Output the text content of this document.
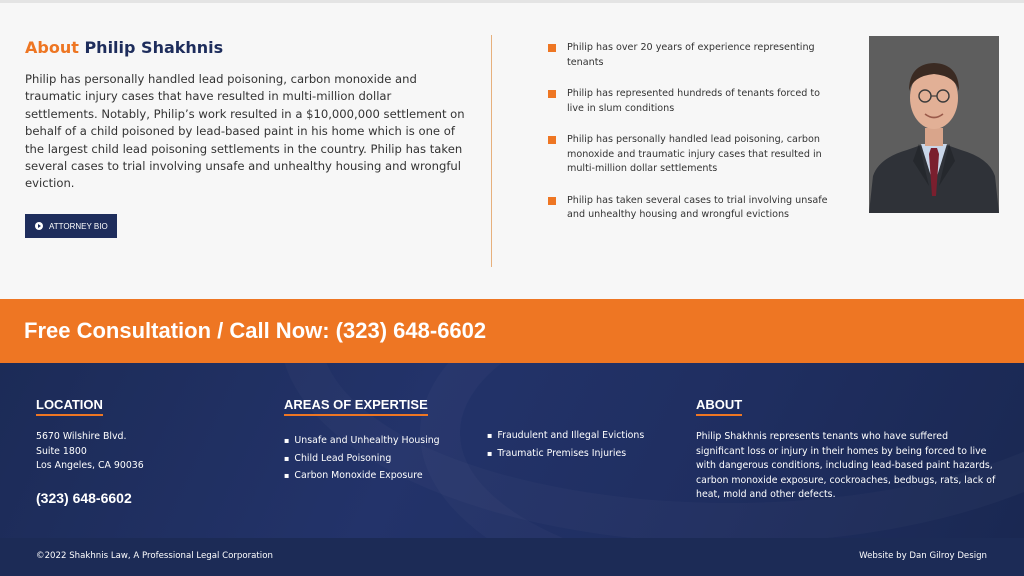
About Philip Shakhnis

Philip has personally handled lead poisoning, carbon monoxide and traumatic injury cases that have resulted in multi-million dollar settlements. Notably, Philip’s work resulted in a $10,000,000 settlement on behalf of a child poisoned by lead-based paint in his home which is one of the largest child lead poisoning settlements in the country. Philip has taken several cases to trial involving unsafe and unhealthy housing and wrongful eviction.

ATTORNEY BIO
Philip has over 20 years of experience representing tenants
Philip has represented hundreds of tenants forced to live in slum conditions
Philip has personally handled lead poisoning, carbon monoxide and traumatic injury cases that resulted in multi-million dollar settlements
Philip has taken several cases to trial involving unsafe and unhealthy housing and wrongful evictions
Free Consultation / Call Now: (323) 648-6602
LOCATION
5670 Wilshire Blvd.
Suite 1800
Los Angeles, CA 90036
(323) 648-6602
AREAS OF EXPERTISE
▪ Unsafe and Unhealthy Housing
▪ Child Lead Poisoning
▪ Carbon Monoxide Exposure
▪ Fraudulent and Illegal Evictions
▪ Traumatic Premises Injuries
ABOUT

Philip Shakhnis represents tenants who have suffered significant loss or injury in their homes by being forced to live with dangerous conditions, including lead-based paint hazards, carbon monoxide exposure, cockroaches, bedbugs, rats, lack of heat, mold and other defects.

©2022 Shakhnis Law, A Professional Legal Corporation	Website by Dan Gilroy Design
